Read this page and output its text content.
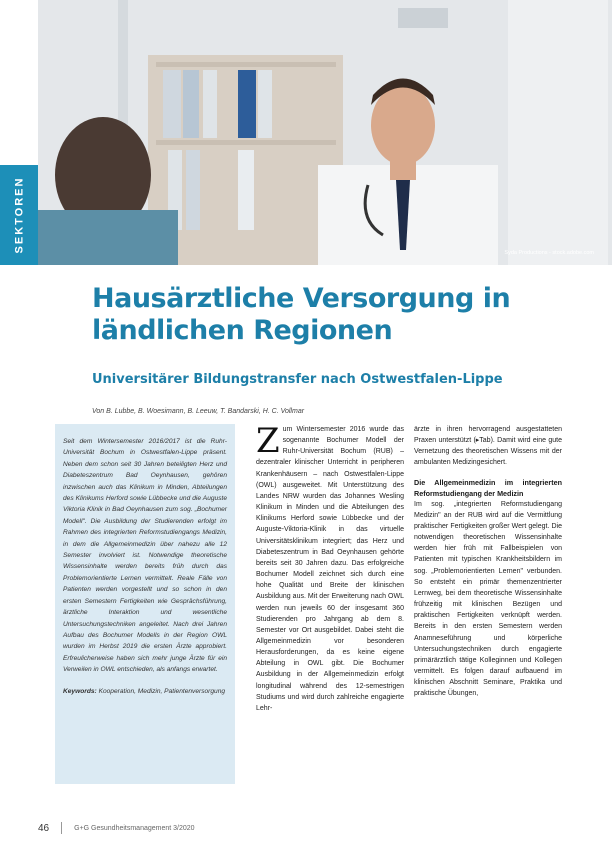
SEKTOREN	Syda Productions - stock.adobe.com
Hausärztliche Versorgung in ländlichen Regionen
Universitärer Bildungstransfer nach Ostwestfalen-Lippe
Von B. Lubbe, B. Woesimann, B. Leeuw, T. Bandarski, H. C. Vollmar

Seit dem Wintersemester 2016/2017 ist die Ruhr-Universität Bochum in Ostwestfalen-Lippe präsent. Neben dem schon seit 30 Jahren beteiligten Herz und Diabeteszentrum Bad Oeynhausen, gehören inzwischen auch das Klinikum in Minden, Abteilungen des Klinikums Herford sowie Lübbecke und die Auguste Viktoria Klinik in Bad Oeynhausen zum sog. „Bochumer Modell". Die Ausbildung der Studierenden erfolgt im Rahmen des integrierten Reformstudiengangs Medizin, in dem die Allgemeinmedizin über nahezu alle 12 Semester involviert ist. Notwendige theoretische Wissensinhalte werden bereits früh durch das Problemorientierte Lernen vermittelt. Reale Fälle von Patienten werden vorgestellt und so schon in den ersten Semestern Fertigkeiten wie Gesprächsführung, ärztliche Interaktion und wesentliche Untersuchungstechniken angeleitet. Nach drei Jahren Aufbau des Bochumer Modells in der Region OWL wurden im Herbst 2019 die ersten Ärzte approbiert. Erfreulicherweise haben sich mehr junge Ärzte für ein Verweilen in OWL entschieden, als anfangs erwartet.

Keywords: Kooperation, Medizin, Patientenversorgung

Z um Wintersemester 2016 wurde das sogenannte Bochumer Modell der Ruhr-Universität Bochum (RUB) – dezentraler klinischer Unterricht in peripheren Krankenhäusern – nach Ostwestfalen-Lippe (OWL) ausgeweitet. Mit Unterstützung des Landes NRW wurden das Johannes Wesling Klinikum in Minden und die Abteilungen des Klinikums Herford sowie Lübbecke und der Auguste-Viktoria-Klinik in das virtuelle Universitätsklinikum integriert; das Herz und Diabeteszentrum in Bad Oeynhausen gehörte bereits seit 30 Jahren dazu. Das erfolgreiche Bochumer Modell zeichnet sich durch eine hohe Qualität und Breite der klinischen Ausbildung aus. Mit der Erweiterung nach OWL werden nun jeweils 60 der insgesamt 360 Studierenden pro Jahrgang ab dem 8. Semester vor Ort ausgebildet. Dabei steht die Allgemeinmedizin vor besonderen Herausforderungen, da es keine eigene Abteilung in OWL gibt. Die Bochumer Ausbildung in der Allgemeinmedizin erfolgt longitudinal während des 12-semestrigen Studiums und wird durch zahlreiche engagierte Lehr-

ärzte in ihren hervorragend ausgestatteten Praxen unterstützt (▸Tab). Damit wird eine gute Vernetzung des theoretischen Wissens mit der ambulanten Medizingesichert.

Die Allgemeinmedizin im integrierten Reformstudiengang der Medizin

Im sog. „integrierten Reformstudiengang Medizin" an der RUB wird auf die Vermittlung praktischer Fertigkeiten großer Wert gelegt. Die notwendigen theoretischen Wissensinhalte werden hier früh mit Fallbeispielen von Patienten mit typischen Krankheitsbildern im sog. „Problemorientierten Lernen" verbunden. So entsteht ein primär themenzentrierter Lernweg, bei dem theoretische Wissensinhalte frühzeitig mit klinischen Bezügen und praktischen Fertigkeiten verknüpft werden. Bereits in den ersten Semestern werden Anamneseführung und körperliche Untersuchungstechniken durch engagierte primärärztlich tätige Kolleginnen und Kollegen vermittelt. Es folgen darauf aufbauend im klinischen Abschnitt Seminare, Praktika und praktische Übungen,

46	G+G Gesundheitsmanagement 3/2020
